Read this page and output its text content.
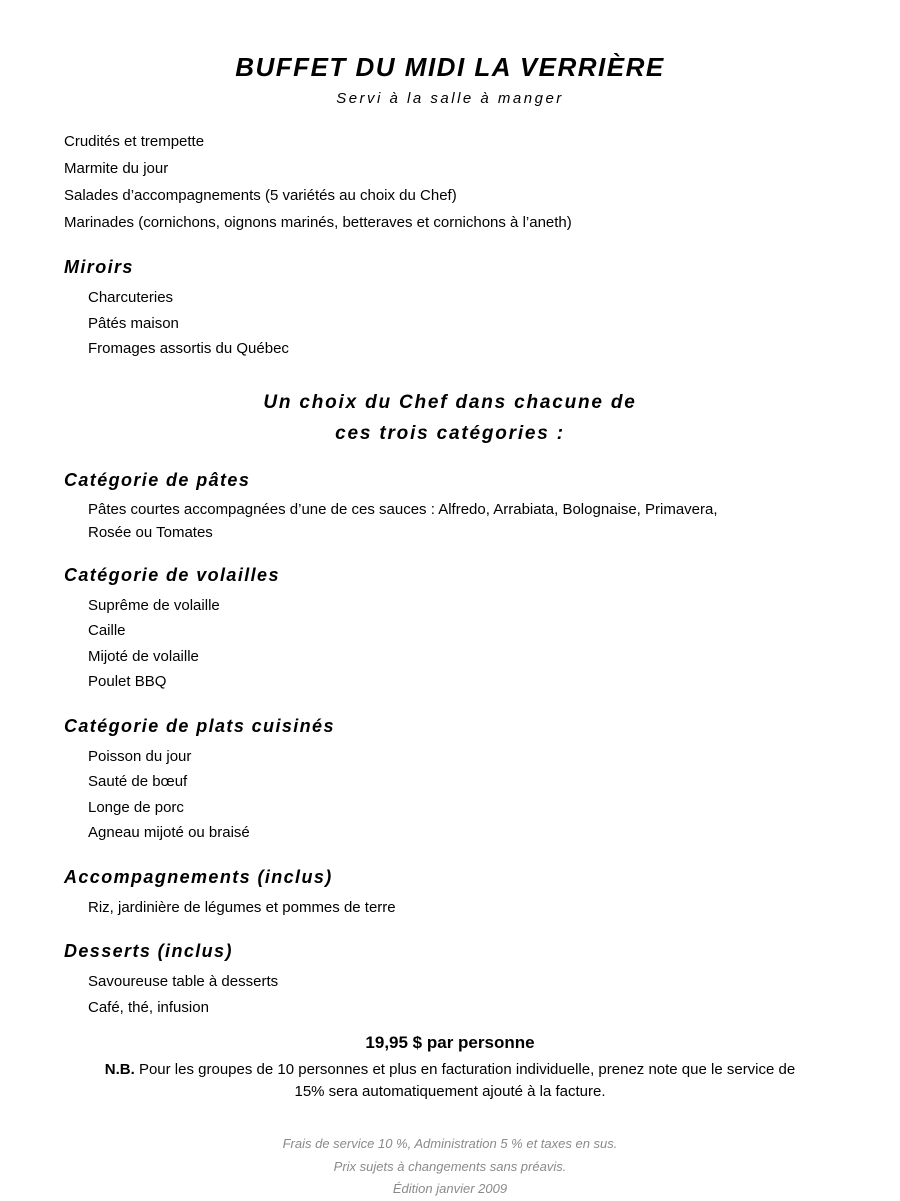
BUFFET DU MIDI LA VERRIÈRE
Servi à la salle à manger
Crudités et trempette
Marmite du jour
Salades d’accompagnements (5 variétés au choix du Chef)
Marinades (cornichons, oignons marinés, betteraves et cornichons à l’aneth)
Miroirs
Charcuteries
Pâtés maison
Fromages assortis du Québec
Un choix du Chef dans chacune de
ces trois catégories :
Catégorie de pâtes

Pâtes courtes accompagnées d’une de ces sauces : Alfredo, Arrabiata, Bolognaise, Primavera, Rosée ou Tomates

Catégorie de volailles
Suprême de volaille
Caille
Mijoté de volaille
Poulet BBQ
Catégorie de plats cuisinés
Poisson du jour
Sauté de bœuf
Longe de porc
Agneau mijoté ou braisé
Accompagnements (inclus)
Riz, jardinière de légumes et pommes de terre
Desserts (inclus)
Savoureuse table à desserts
Café, thé, infusion
19,95 $ par personne

N.B. Pour les groupes de 10 personnes et plus en facturation individuelle, prenez note que le service de 15% sera automatiquement ajouté à la facture.

Frais de service 10 %, Administration 5 % et taxes en sus.
Prix sujets à changements sans préavis.
Édition janvier 2009
